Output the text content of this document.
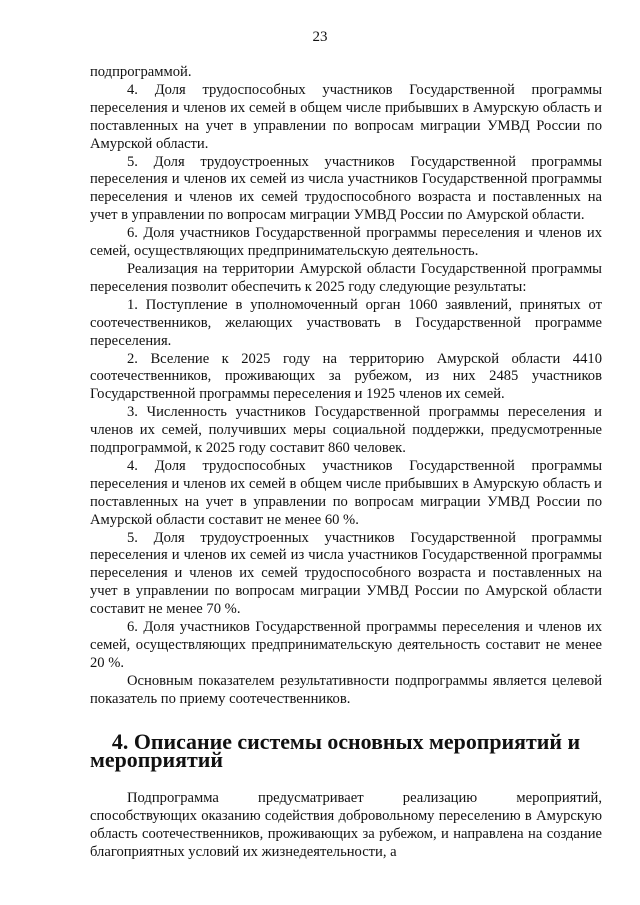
23

подпрограммой.

4. Доля трудоспособных участников Государственной программы переселения и членов их семей в общем числе прибывших в Амурскую область и поставленных на учет в управлении по вопросам миграции УМВД России по Амурской области.

5. Доля трудоустроенных участников Государственной программы переселения и членов их семей из числа участников Государственной программы переселения и членов их семей трудоспособного возраста и поставленных на учет в управлении по вопросам миграции УМВД России по Амурской области.

6. Доля участников Государственной программы переселения и членов их семей, осуществляющих предпринимательскую деятельность.

Реализация на территории Амурской области Государственной программы переселения позволит обеспечить к 2025 году следующие результаты:

1. Поступление в уполномоченный орган 1060 заявлений, принятых от соотечественников, желающих участвовать в Государственной программе переселения.

2. Вселение к 2025 году на территорию Амурской области 4410 соотечественников, проживающих за рубежом, из них 2485 участников Государственной программы переселения и 1925 членов их семей.

3. Численность участников Государственной программы переселения и членов их семей, получивших меры социальной поддержки, предусмотренные подпрограммой, к 2025 году составит 860 человек.

4. Доля трудоспособных участников Государственной программы переселения и членов их семей в общем числе прибывших в Амурскую область и поставленных на учет в управлении по вопросам миграции УМВД России по Амурской области составит не менее 60 %.

5. Доля трудоустроенных участников Государственной программы переселения и членов их семей из числа участников Государственной программы переселения и членов их семей трудоспособного возраста и поставленных на учет в управлении по вопросам миграции УМВД России по Амурской области составит не менее 70 %.

6. Доля участников Государственной программы переселения и членов их семей, осуществляющих предпринимательскую деятельность составит не менее 20 %.

Основным показателем результативности подпрограммы является целевой показатель по приему соотечественников.

4. Описание системы основных мероприятий и мероприятий

Подпрограмма предусматривает реализацию мероприятий, способствующих оказанию содействия добровольному переселению в Амурскую область соотечественников, проживающих за рубежом, и направлена на создание благоприятных условий их жизнедеятельности, а
